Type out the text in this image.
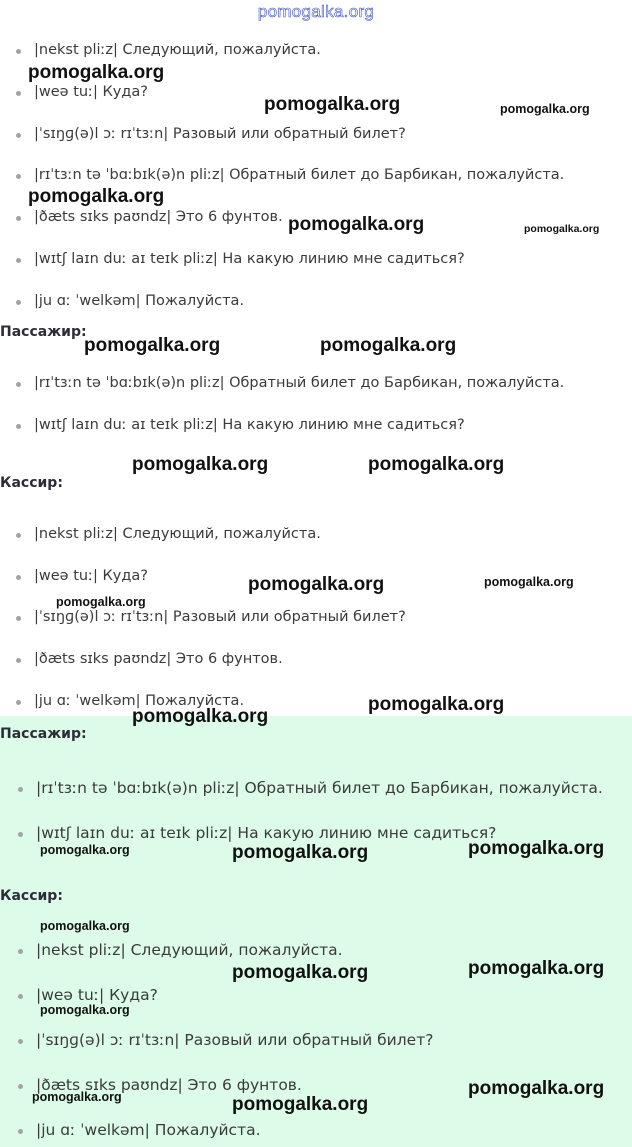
pomogalka.org
|nekst pliːz| Следующий, пожалуйста.
|weə tuː| Куда?
|ˈsɪŋɡ(ə)l ɔː rɪˈtɜːn| Разовый или обратный билет?
|rɪˈtɜːn tə ˈbɑːbɪk(ə)n pliːz| Обратный билет до Барбикан, пожалуйста.
|ðæts sɪks paʊndz| Это 6 фунтов.
|wɪtʃ laɪn duː aɪ teɪk pliːz| На какую линию мне садиться?
|ju ɑː ˈwelkəm| Пожалуйста.
Пассажир:
|rɪˈtɜːn tə ˈbɑːbɪk(ə)n pliːz| Обратный билет до Барбикан, пожалуйста.
|wɪtʃ laɪn duː aɪ teɪk pliːz| На какую линию мне садиться?
Кассир:
|nekst pliːz| Следующий, пожалуйста.
|weə tuː| Куда?
|ˈsɪŋɡ(ə)l ɔː rɪˈtɜːn| Разовый или обратный билет?
|ðæts sɪks paʊndz| Это 6 фунтов.
|ju ɑː ˈwelkəm| Пожалуйста.
Пассажир:
|rɪˈtɜːn tə ˈbɑːbɪk(ə)n pliːz| Обратный билет до Барбикан, пожалуйста.
|wɪtʃ laɪn duː aɪ teɪk pliːz| На какую линию мне садиться?
Кассир:
|nekst pliːz| Следующий, пожалуйста.
|weə tuː| Куда?
|ˈsɪŋɡ(ə)l ɔː rɪˈtɜːn| Разовый или обратный билет?
|ðæts sɪks paʊndz| Это 6 фунтов.
|ju ɑː ˈwelkəm| Пожалуйста.
pomogalka.org
pomogalka.org	pomogalka.org
pomogalka.org
pomogalka.org	pomogalka.org
pomogalka.org	pomogalka.org
pomogalka.org	pomogalka.org
pomogalka.org	pomogalka.org
pomogalka.org
pomogalka.org
pomogalka.org
pomogalka.org	pomogalka.org
pomogalka.org
pomogalka.org
pomogalka.org
pomogalka.org
pomogalka.org
pomogalka.org
pomogalka.org	pomogalka.org
